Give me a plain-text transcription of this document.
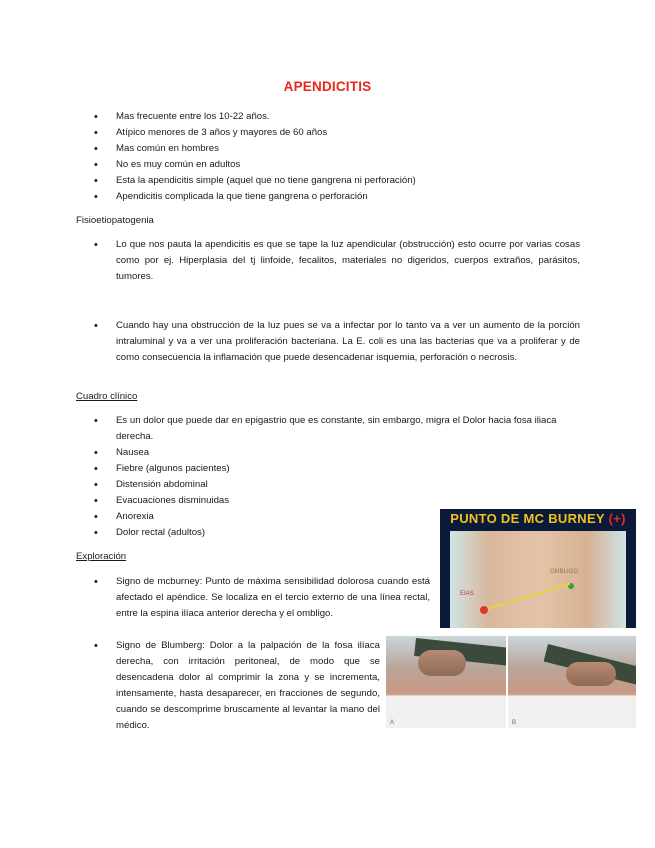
APENDICITIS
• Mas frecuente entre los 10-22 años.
• Atípico menores de 3 años y mayores de 60 años
• Mas común en hombres
• No es muy común en adultos
• Esta la apendicitis simple (aquel que no tiene gangrena ni perforación)
• Apendicitis complicada la que tiene gangrena o perforación
Fisioetiopatogenia
• Lo que nos pauta la apendicitis es que se tape la luz apendicular (obstrucción) esto ocurre por varias cosas como por ej. Hiperplasia del tj linfoide, fecalitos, materiales no digeridos, cuerpos extraños, parásitos, tumores.
• Cuando hay una obstrucción de la luz pues se va a infectar por lo tanto va a ver un aumento de la porción intraluminal y va a ver una proliferación bacteriana. La E. coli es una las bacterias que va a proliferar y de como consecuencia la inflamación que puede desencadenar isquemia, perforación o necrosis.
Cuadro clínico
• Es un dolor que puede dar en epigastrio que es constante, sin embargo, migra el Dolor hacia fosa iliaca derecha.
• Nausea
• Fiebre (algunos pacientes)
• Distensión abdominal
• Evacuaciones disminuidas
• Anorexia
• Dolor rectal (adultos)
PUNTO DE MC BURNEY (+)
OMBLIGO
EIAS
Exploración
• Signo de mcburney: Punto de máxima sensibilidad dolorosa cuando está afectado el apéndice. Se localiza en el tercio externo de una línea rectal, entre la espina ilíaca anterior derecha y el ombligo.
• Signo de Blumberg: Dolor a la palpación de la fosa ilíaca derecha, con irritación peritoneal, de modo que se desencadena dolor al comprimir la zona y se incrementa, intensamente, hasta desaparecer, en fracciones de segundo, cuando se descomprime bruscamente al levantar la mano del médico.	A	B
